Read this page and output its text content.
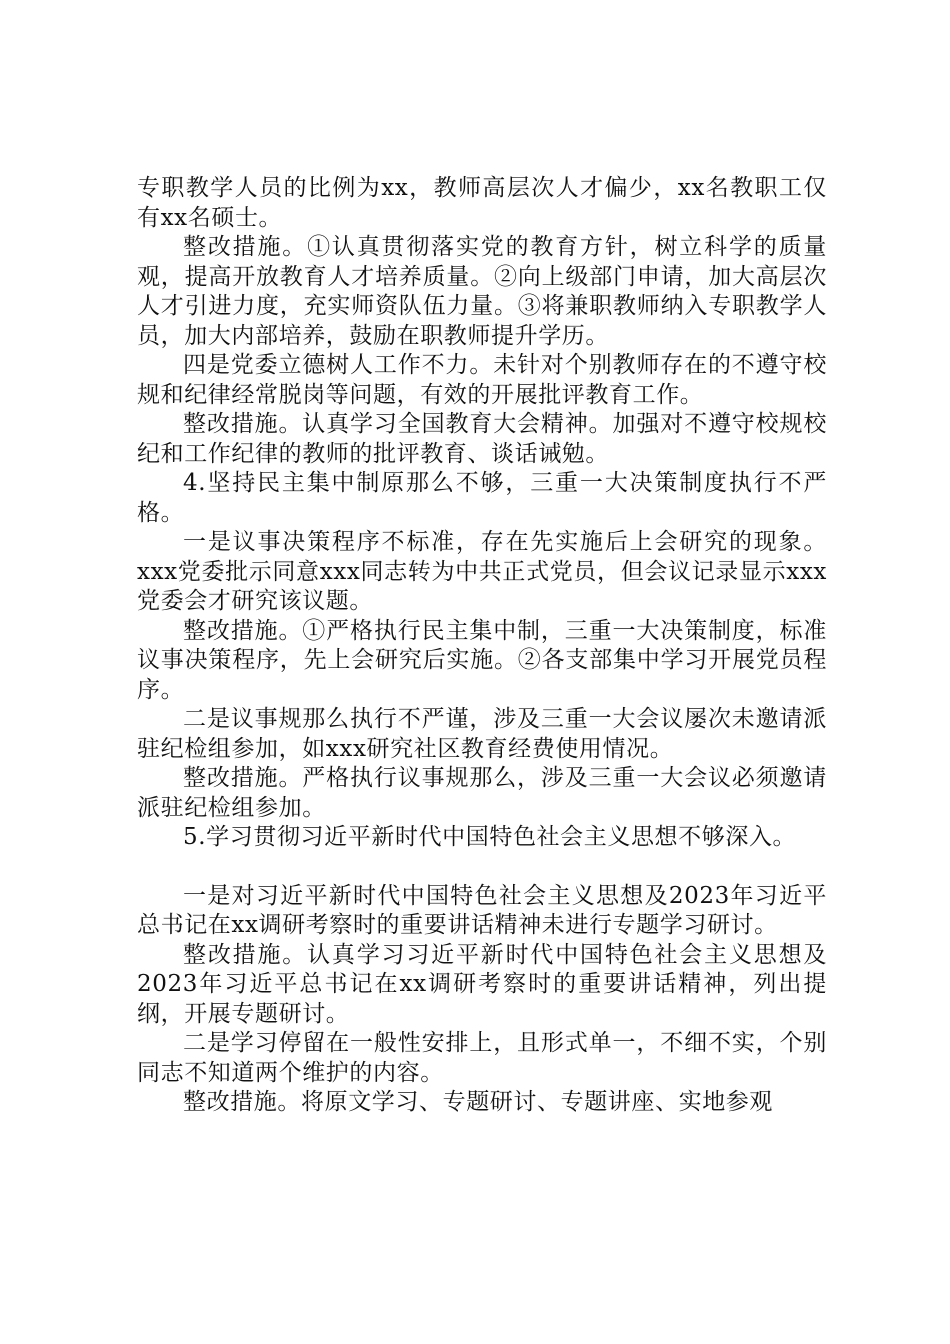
专职教学人员的比例为xx，教师高层次人才偏少，xx名教职工仅有xx名硕士。

整改措施。①认真贯彻落实党的教育方针，树立科学的质量观，提高开放教育人才培养质量。②向上级部门申请，加大高层次人才引进力度，充实师资队伍力量。③将兼职教师纳入专职教学人员，加大内部培养，鼓励在职教师提升学历。

四是党委立德树人工作不力。未针对个别教师存在的不遵守校规和纪律经常脱岗等问题，有效的开展批评教育工作。

整改措施。认真学习全国教育大会精神。加强对不遵守校规校纪和工作纪律的教师的批评教育、谈话诫勉。

4.坚持民主集中制原那么不够，三重一大决策制度执行不严格。

一是议事决策程序不标准，存在先实施后上会研究的现象。xxx党委批示同意xxx同志转为中共正式党员，但会议记录显示xxx党委会才研究该议题。

整改措施。①严格执行民主集中制，三重一大决策制度，标准议事决策程序，先上会研究后实施。②各支部集中学习开展党员程序。

二是议事规那么执行不严谨，涉及三重一大会议屡次未邀请派驻纪检组参加，如xxx研究社区教育经费使用情况。

整改措施。严格执行议事规那么，涉及三重一大会议必须邀请派驻纪检组参加。

5.学习贯彻习近平新时代中国特色社会主义思想不够深入。

一是对习近平新时代中国特色社会主义思想及2023年习近平总书记在xx调研考察时的重要讲话精神未进行专题学习研讨。

整改措施。认真学习习近平新时代中国特色社会主义思想及2023年习近平总书记在xx调研考察时的重要讲话精神，列出提纲，开展专题研讨。

二是学习停留在一般性安排上，且形式单一，不细不实，个别同志不知道两个维护的内容。

整改措施。将原文学习、专题研讨、专题讲座、实地参观
